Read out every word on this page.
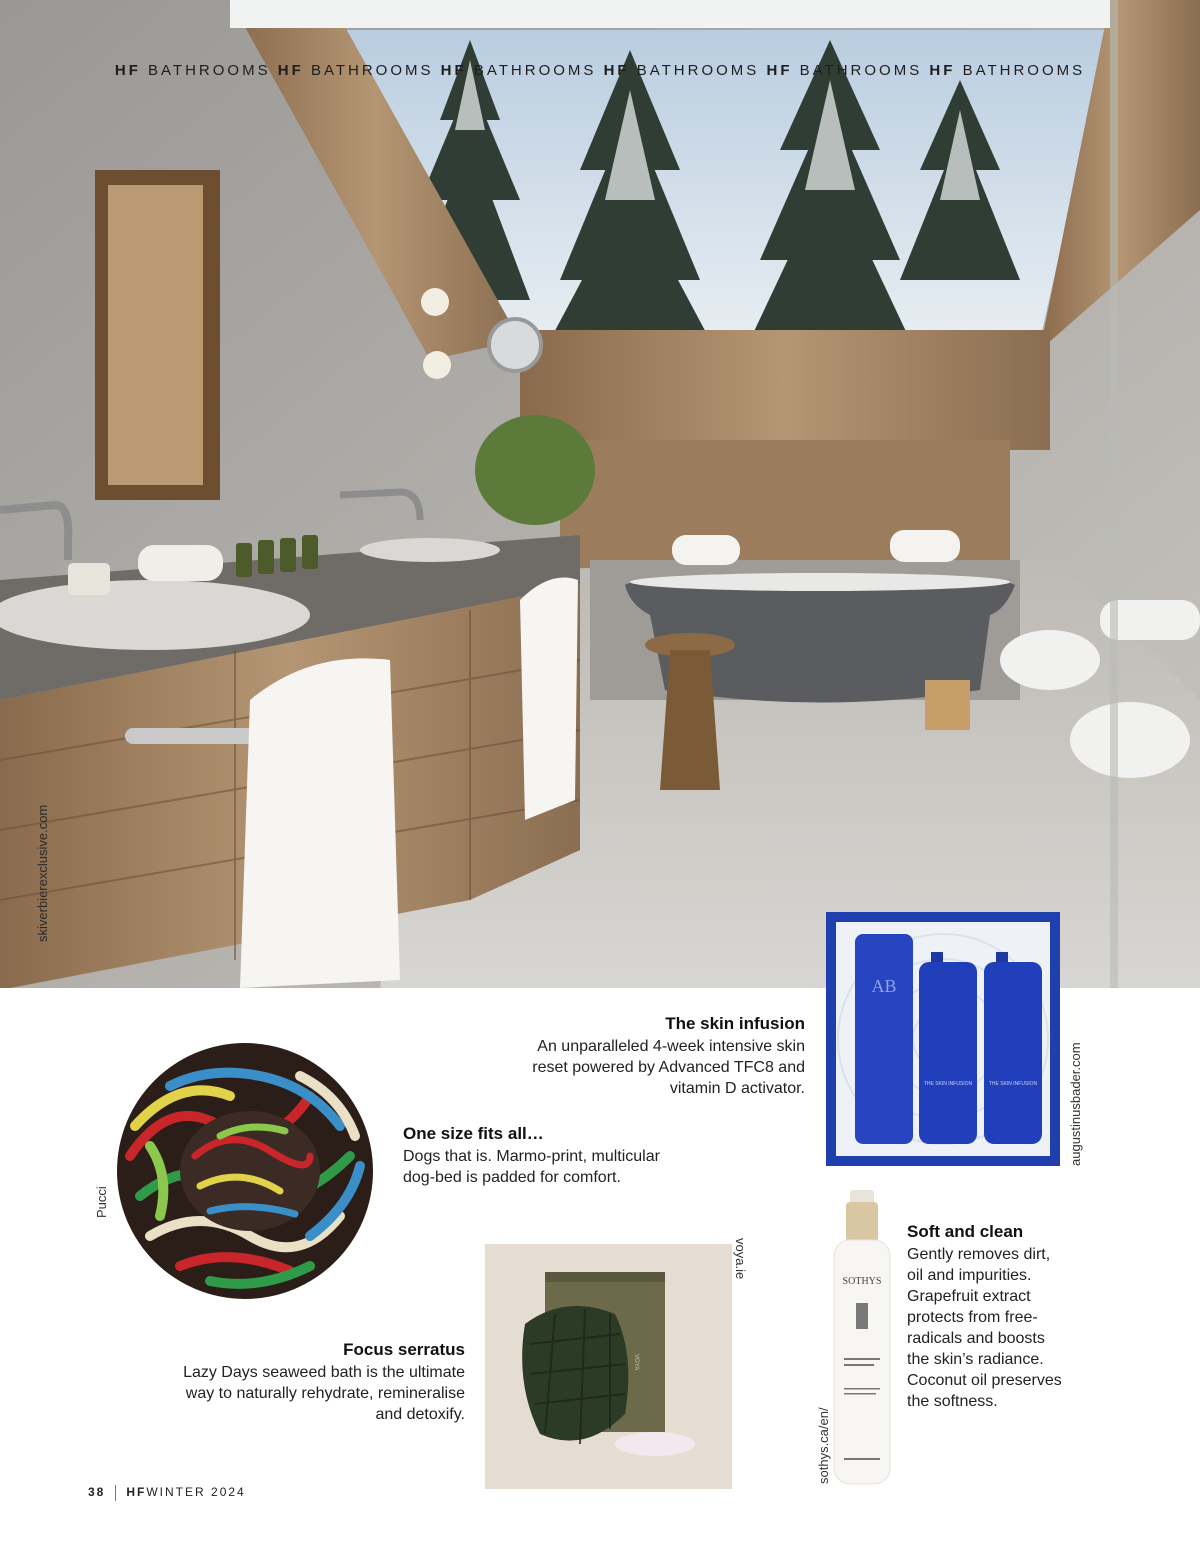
HF BATHROOMS HF BATHROOMS HF BATHROOMS HF BATHROOMS HF BATHROOMS HF BATHROOMS
skiverbierexclusive.com
AB
THE SKIN INFUSION	THE SKIN INFUSION augustinusbader.com

The skin infusion

An unparalleled 4-week intensive skin

reset powered by Advanced TFC8 and

vitamin D activator.

Pucci

One size fits all…

Dogs that is. Marmo-print, multicular

dog-bed is padded for comfort.

VOYA
voya.ie

Focus serratus

Lazy Days seaweed bath is the ultimate

way to naturally rehydrate, remineralise

and detoxify.

SOTHYS
sothys.ca/en/

Soft and clean

Gently removes dirt,

oil and impurities.

Grapefruit extract

protects from free-

radicals and boosts

the skin’s radiance.

Coconut oil preserves

the softness.

38 HFWINTER 2024
